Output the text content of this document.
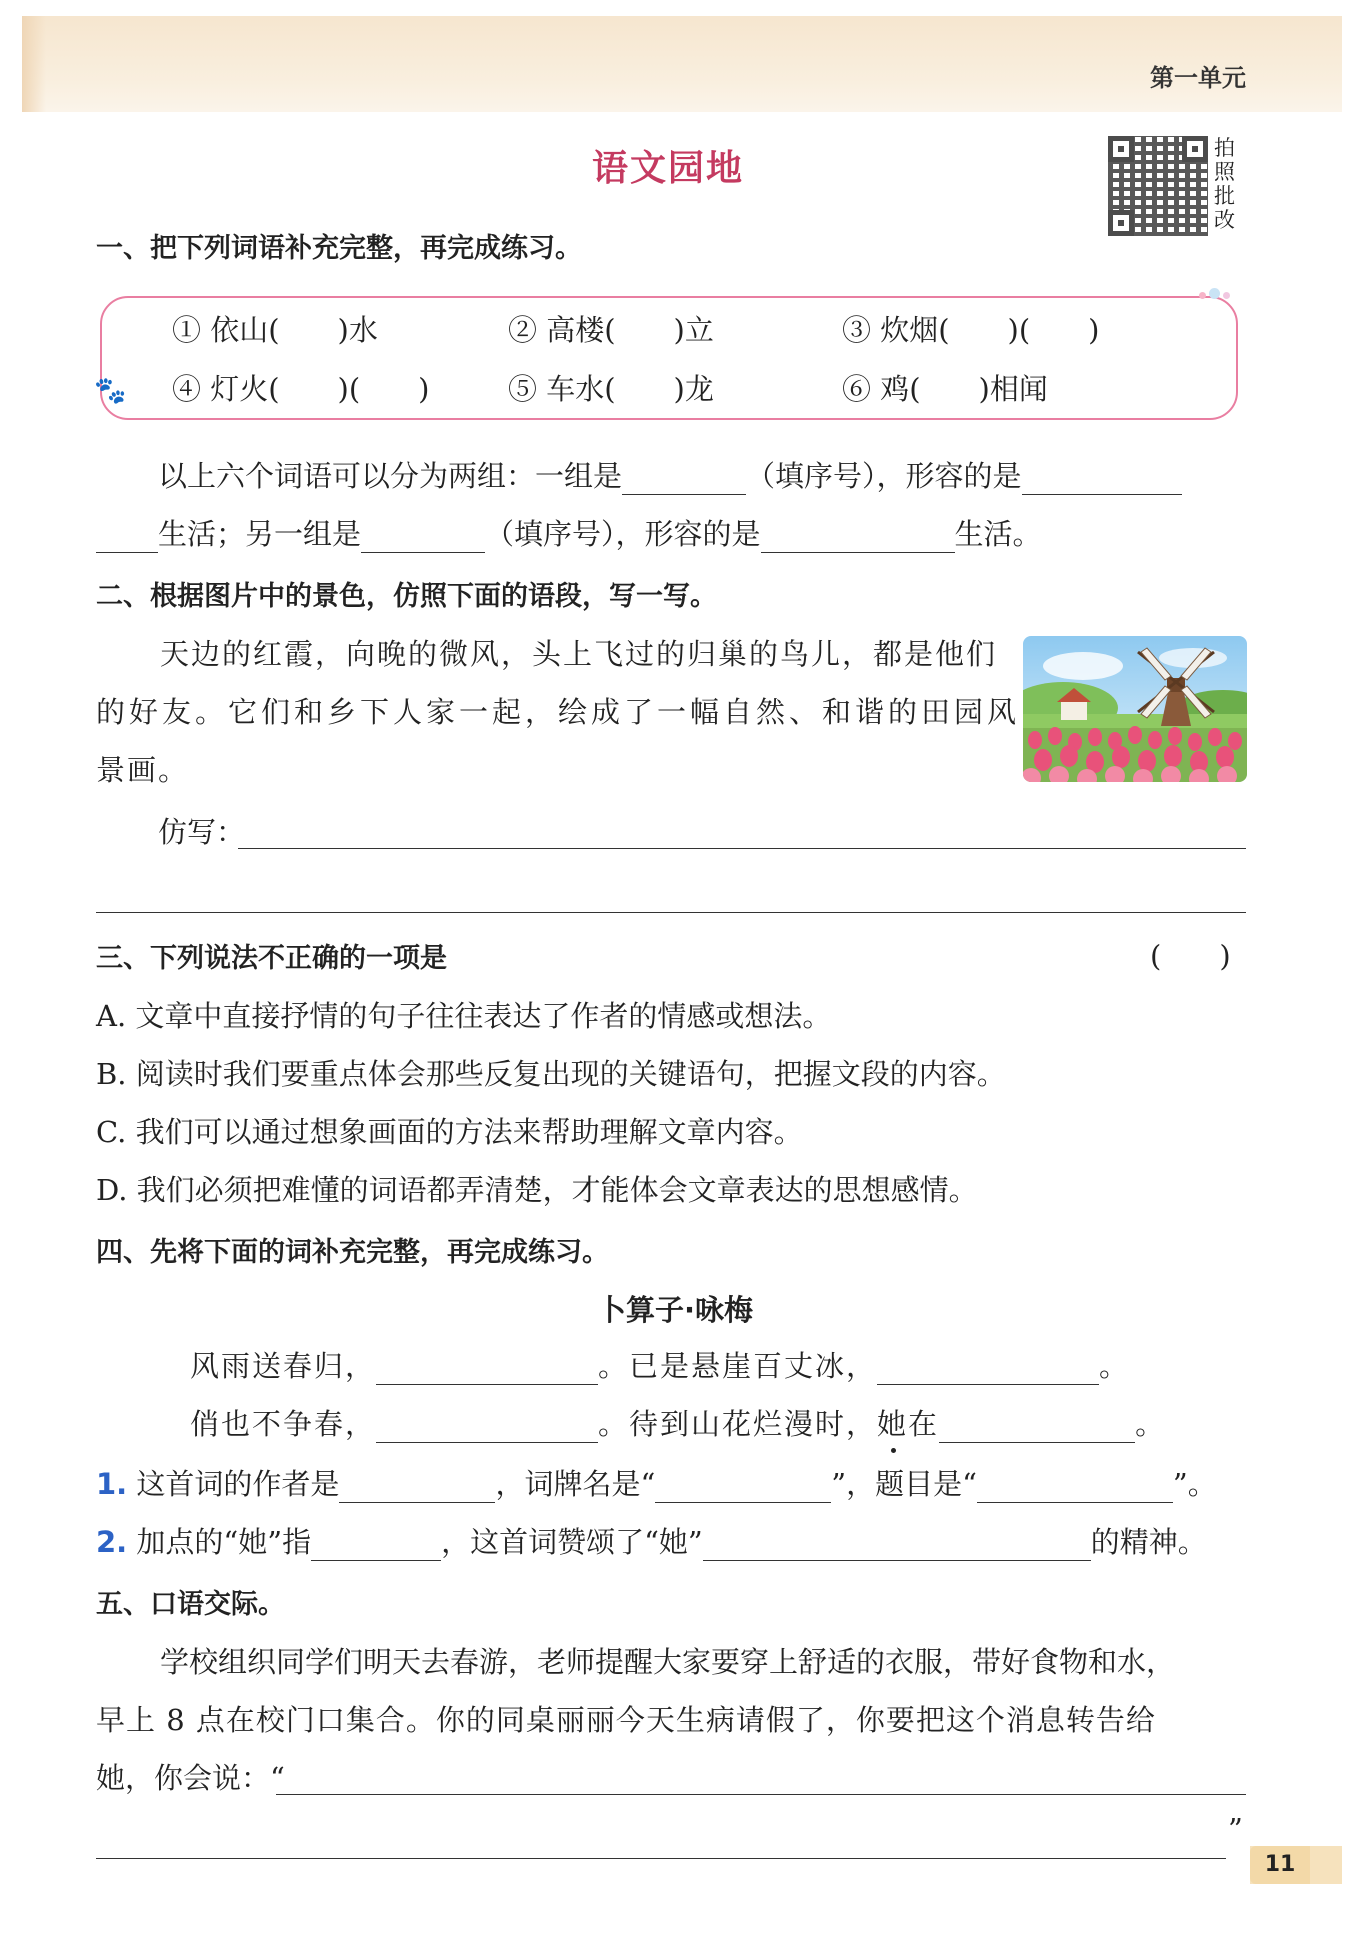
第一单元
语文园地	拍
照
批
改
一、把下列词语补充完整，再完成练习。
🐾
① 依山(　　)水	② 高楼(　　)立	③ 炊烟(　　)(　　)
④ 灯火(　　)(　　)	⑤ 车水(　　)龙	⑥ 鸡(　　)相闻
以上六个词语可以分为两组：一组是	（填序号），形容的是
生活；另一组是	（填序号），形容的是	生活。
二、根据图片中的景色，仿照下面的语段，写一写。
天边的红霞，向晚的微风，头上飞过的归巢的鸟儿，都是他们
的好友。它们和乡下人家一起，绘成了一幅自然、和谐的田园风
景画。
仿写：
三、下列说法不正确的一项是	(　　)
A. 文章中直接抒情的句子往往表达了作者的情感或想法。
B. 阅读时我们要重点体会那些反复出现的关键语句，把握文段的内容。
C. 我们可以通过想象画面的方法来帮助理解文章内容。
D. 我们必须把难懂的词语都弄清楚，才能体会文章表达的思想感情。
四、先将下面的词补充完整，再完成练习。
卜算子·咏梅
风雨送春归，	。已是悬崖百丈冰，	。
俏也不争春，	。待到山花烂漫时，她在	。
1. 这首词的作者是	，词牌名是“	”，题目是“	”。
2. 加点的“她”指	，这首词赞颂了“她”	的精神。
五、口语交际。
学校组织同学们明天去春游，老师提醒大家要穿上舒适的衣服，带好食物和水，
早上 8 点在校门口集合。你的同桌丽丽今天生病请假了，你要把这个消息转告给
她，你会说：“
”
11
